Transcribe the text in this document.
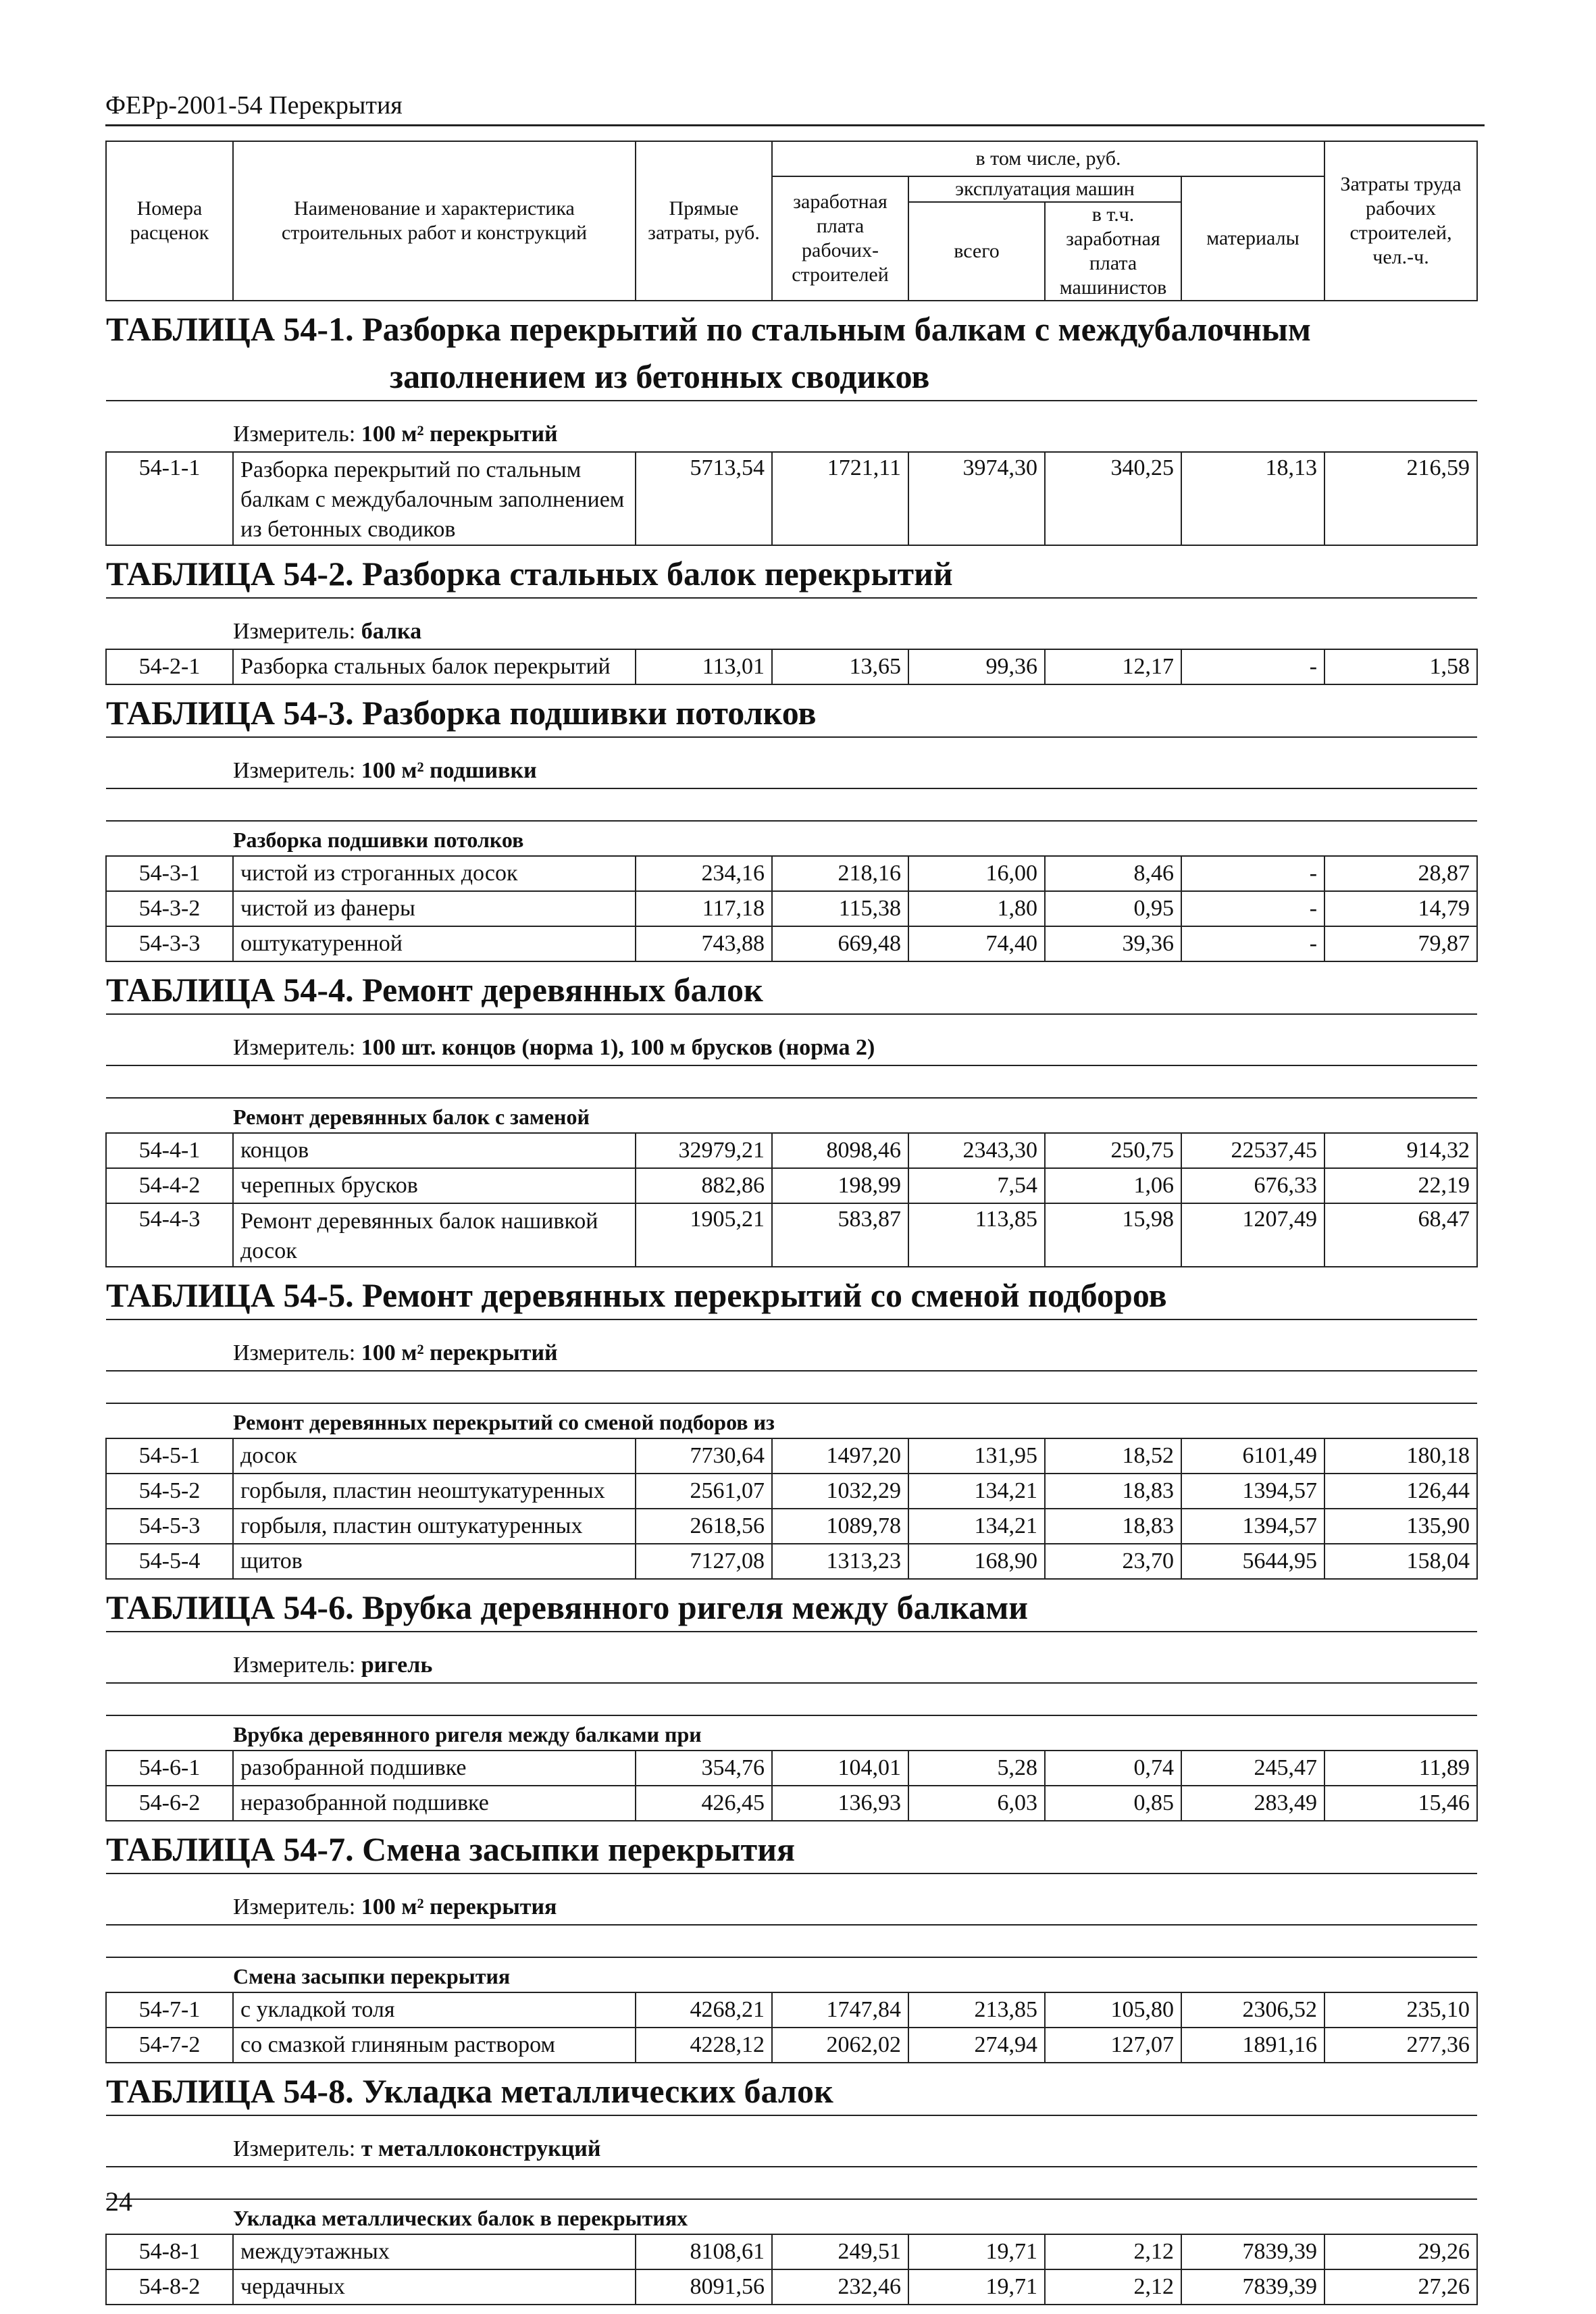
ФЕРр-2001-54 Перекрытия
Номера расценок	Наименование и характеристика строительных работ и конструкций	Прямые затраты, руб.	в том числе, руб.				Затраты труда рабочих строителей, чел.-ч.
			заработная плата рабочих-строителей	эксплуатация машин		материалы	
				всего	в т.ч. заработная плата машинистов		
ТАБЛИЦА 54-1. Разборка перекрытий по стальным балкам с междубалочным
заполнением из бетонных сводиков							

Измеритель: 100 м² перекрытий							
54-1-1	Разборка перекрытий по стальным балкам с междубалочным заполнением из бетонных сводиков	5713,54	1721,11	3974,30	340,25	18,13	216,59
ТАБЛИЦА 54-2. Разборка стальных балок перекрытий							
Измеритель: балка							
54-2-1	Разборка стальных балок перекрытий	113,01	13,65	99,36	12,17	-	1,58
ТАБЛИЦА 54-3. Разборка подшивки потолков							
Измеритель: 100 м² подшивки							

Разборка подшивки потолков							
54-3-1	чистой из строганных досок	234,16	218,16	16,00	8,46	-	28,87
54-3-2	чистой из фанеры	117,18	115,38	1,80	0,95	-	14,79
54-3-3	оштукатуренной	743,88	669,48	74,40	39,36	-	79,87
ТАБЛИЦА 54-4. Ремонт деревянных балок							
Измеритель: 100 шт. концов (норма 1), 100 м брусков (норма 2)							

Ремонт деревянных балок с заменой							
54-4-1	концов	32979,21	8098,46	2343,30	250,75	22537,45	914,32
54-4-2	черепных брусков	882,86	198,99	7,54	1,06	676,33	22,19
54-4-3	Ремонт деревянных балок нашивкой досок	1905,21	583,87	113,85	15,98	1207,49	68,47
ТАБЛИЦА 54-5. Ремонт деревянных перекрытий со сменой подборов							
Измеритель: 100 м² перекрытий							

Ремонт деревянных перекрытий со сменой подборов из							
54-5-1	досок	7730,64	1497,20	131,95	18,52	6101,49	180,18
54-5-2	горбыля, пластин неоштукатуренных	2561,07	1032,29	134,21	18,83	1394,57	126,44
54-5-3	горбыля, пластин оштукатуренных	2618,56	1089,78	134,21	18,83	1394,57	135,90
54-5-4	щитов	7127,08	1313,23	168,90	23,70	5644,95	158,04
ТАБЛИЦА 54-6. Врубка деревянного ригеля между балками							
Измеритель: ригель							

Врубка деревянного ригеля между балками при							
54-6-1	разобранной подшивке	354,76	104,01	5,28	0,74	245,47	11,89
54-6-2	неразобранной подшивке	426,45	136,93	6,03	0,85	283,49	15,46
ТАБЛИЦА 54-7. Смена засыпки перекрытия							
Измеритель: 100 м² перекрытия							

Смена засыпки перекрытия							
54-7-1	с укладкой толя	4268,21	1747,84	213,85	105,80	2306,52	235,10
54-7-2	со смазкой глиняным раствором	4228,12	2062,02	274,94	127,07	1891,16	277,36
ТАБЛИЦА 54-8. Укладка металлических балок							
Измеритель: т металлоконструкций							

Укладка металлических балок в перекрытиях							
54-8-1	междуэтажных	8108,61	249,51	19,71	2,12	7839,39	29,26
54-8-2	чердачных	8091,56	232,46	19,71	2,12	7839,39	27,26
24
